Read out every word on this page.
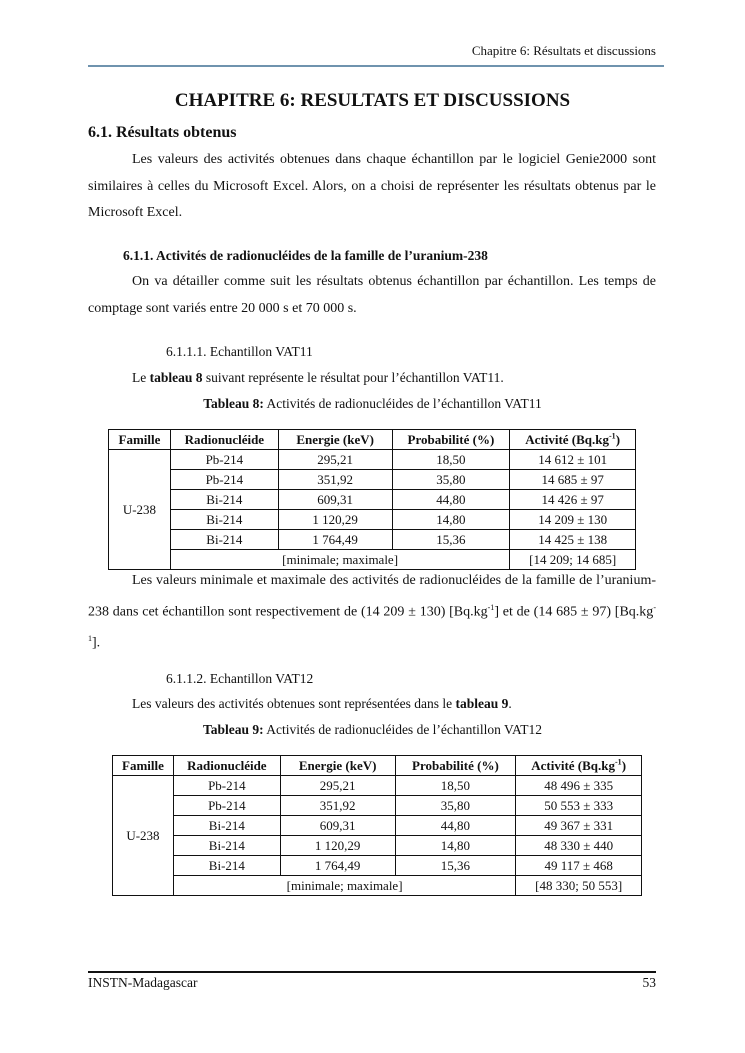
Chapitre 6: Résultats et discussions
CHAPITRE 6: RESULTATS ET DISCUSSIONS
6.1. Résultats obtenus
Les valeurs des activités obtenues dans chaque échantillon par le logiciel Genie2000 sont similaires à celles du Microsoft Excel. Alors, on a choisi de représenter les résultats obtenus par le Microsoft Excel.
6.1.1. Activités de radionucléides de la famille de l’uranium-238
On va détailler comme suit les résultats obtenus échantillon par échantillon. Les temps de comptage sont variés entre 20 000 s et 70 000 s.
6.1.1.1. Echantillon VAT11
Le tableau 8 suivant représente le résultat pour l’échantillon VAT11.
Tableau 8: Activités de radionucléides de l’échantillon VAT11
Famille	Radionucléide	Energie (keV)	Probabilité (%)	Activité $(Bq.kg^{-1})$
U-238	Pb-214	295,21	18,50	14 612 ± 101
	Pb-214	351,92	35,80	14 685 ± 97
	Bi-214	609,31	44,80	14 426 ± 97
	Bi-214	1 120,29	14,80	14 209 ± 130
	Bi-214	1 764,49	15,36	14 425 ± 138
	[minimale; maximale]			[14 209; 14 685]
Les valeurs minimale et maximale des activités de radionucléides de la famille de l’uranium-238 dans cet échantillon sont respectivement de (14 209 ± 130) $[Bq.kg^{-1}]$ et de (14 685 ± 97) $[Bq.kg^{-1}]$.
6.1.1.2. Echantillon VAT12
Les valeurs des activités obtenues sont représentées dans le tableau 9.
Tableau 9: Activités de radionucléides de l’échantillon VAT12
Famille	Radionucléide	Energie (keV)	Probabilité (%)	Activité $(Bq.kg^{-1})$
U-238	Pb-214	295,21	18,50	48 496 ± 335
	Pb-214	351,92	35,80	50 553 ± 333
	Bi-214	609,31	44,80	49 367 ± 331
	Bi-214	1 120,29	14,80	48 330 ± 440
	Bi-214	1 764,49	15,36	49 117 ± 468
	[minimale; maximale]			[48 330; 50 553]
INSTN-Madagascar	53
